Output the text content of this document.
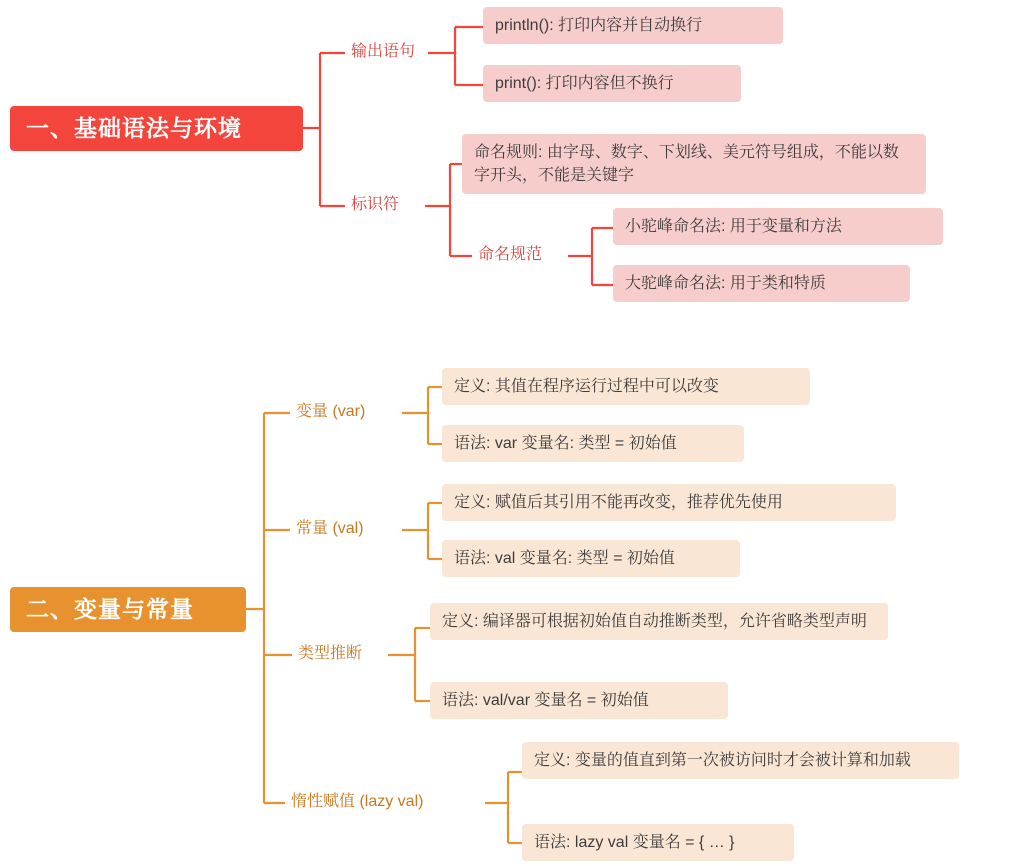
一、基础语法与环境
输出语句
println(): 打印内容并自动换行
print(): 打印内容但不换行
标识符
命名规则: 由字母、数字、下划线、美元符号组成，不能以数字开头，不能是关键字
命名规范
小驼峰命名法: 用于变量和方法
大驼峰命名法: 用于类和特质
二、变量与常量
变量 (var)
定义: 其值在程序运行过程中可以改变
语法: var 变量名: 类型 = 初始值
常量 (val)
定义: 赋值后其引用不能再改变，推荐优先使用
语法: val 变量名: 类型 = 初始值
类型推断
定义: 编译器可根据初始值自动推断类型，允许省略类型声明
语法: val/var 变量名 = 初始值
惰性赋值 (lazy val)
定义: 变量的值直到第一次被访问时才会被计算和加载
语法: lazy val 变量名 = { … }
